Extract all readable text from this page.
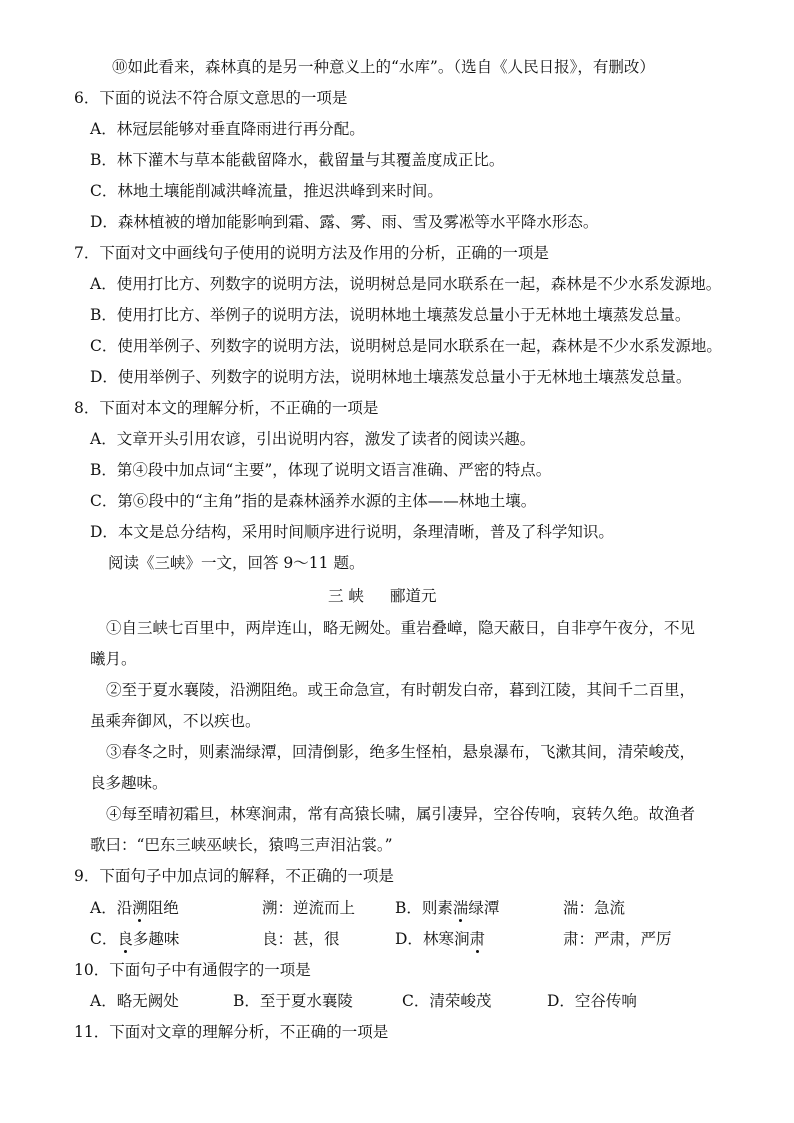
⑩如此看来，森林真的是另一种意义上的“水库”。（选自《人民日报》，有删改）
6．下面的说法不符合原文意思的一项是
A．林冠层能够对垂直降雨进行再分配。
B．林下灌木与草本能截留降水，截留量与其覆盖度成正比。
C．林地土壤能削减洪峰流量，推迟洪峰到来时间。
D．森林植被的增加能影响到霜、露、雾、雨、雪及雾凇等水平降水形态。
7．下面对文中画线句子使用的说明方法及作用的分析，正确的一项是
A．使用打比方、列数字的说明方法，说明树总是同水联系在一起，森林是不少水系发源地。
B．使用打比方、举例子的说明方法，说明林地土壤蒸发总量小于无林地土壤蒸发总量。
C．使用举例子、列数字的说明方法，说明树总是同水联系在一起，森林是不少水系发源地。
D．使用举例子、列数字的说明方法，说明林地土壤蒸发总量小于无林地土壤蒸发总量。
8．下面对本文的理解分析，不正确的一项是
A．文章开头引用农谚，引出说明内容，激发了读者的阅读兴趣。
B．第④段中加点词“主要”，体现了说明文语言准确、严密的特点。
C．第⑥段中的“主角”指的是森林涵养水源的主体——林地土壤。
D．本文是总分结构，采用时间顺序进行说明，条理清晰，普及了科学知识。
阅读《三峡》一文，回答 9～11 题。
三 峡 郦道元
①自三峡七百里中，两岸连山，略无阙处。重岩叠嶂，隐天蔽日，自非亭午夜分，不见
曦月。
②至于夏水襄陵，沿溯阻绝。或王命急宣，有时朝发白帝，暮到江陵，其间千二百里，
虽乘奔御风，不以疾也。
③春冬之时，则素湍绿潭，回清倒影，绝多生怪柏，悬泉瀑布，飞漱其间，清荣峻茂，
良多趣味。
④每至晴初霜旦，林寒涧肃，常有高猿长啸，属引凄异，空谷传响，哀转久绝。故渔者
歌曰：“巴东三峡巫峡长，猿鸣三声泪沾裳。”
9．下面句子中加点词的解释，不正确的一项是
A．沿溯阻绝	溯：逆流而上	B．则素湍绿潭	湍：急流
C．良多趣味	良：甚，很	D．林寒涧肃	肃：严肃，严厉
10．下面句子中有通假字的一项是
A．略无阙处	B．至于夏水襄陵	C．清荣峻茂	D．空谷传响
11．下面对文章的理解分析，不正确的一项是
